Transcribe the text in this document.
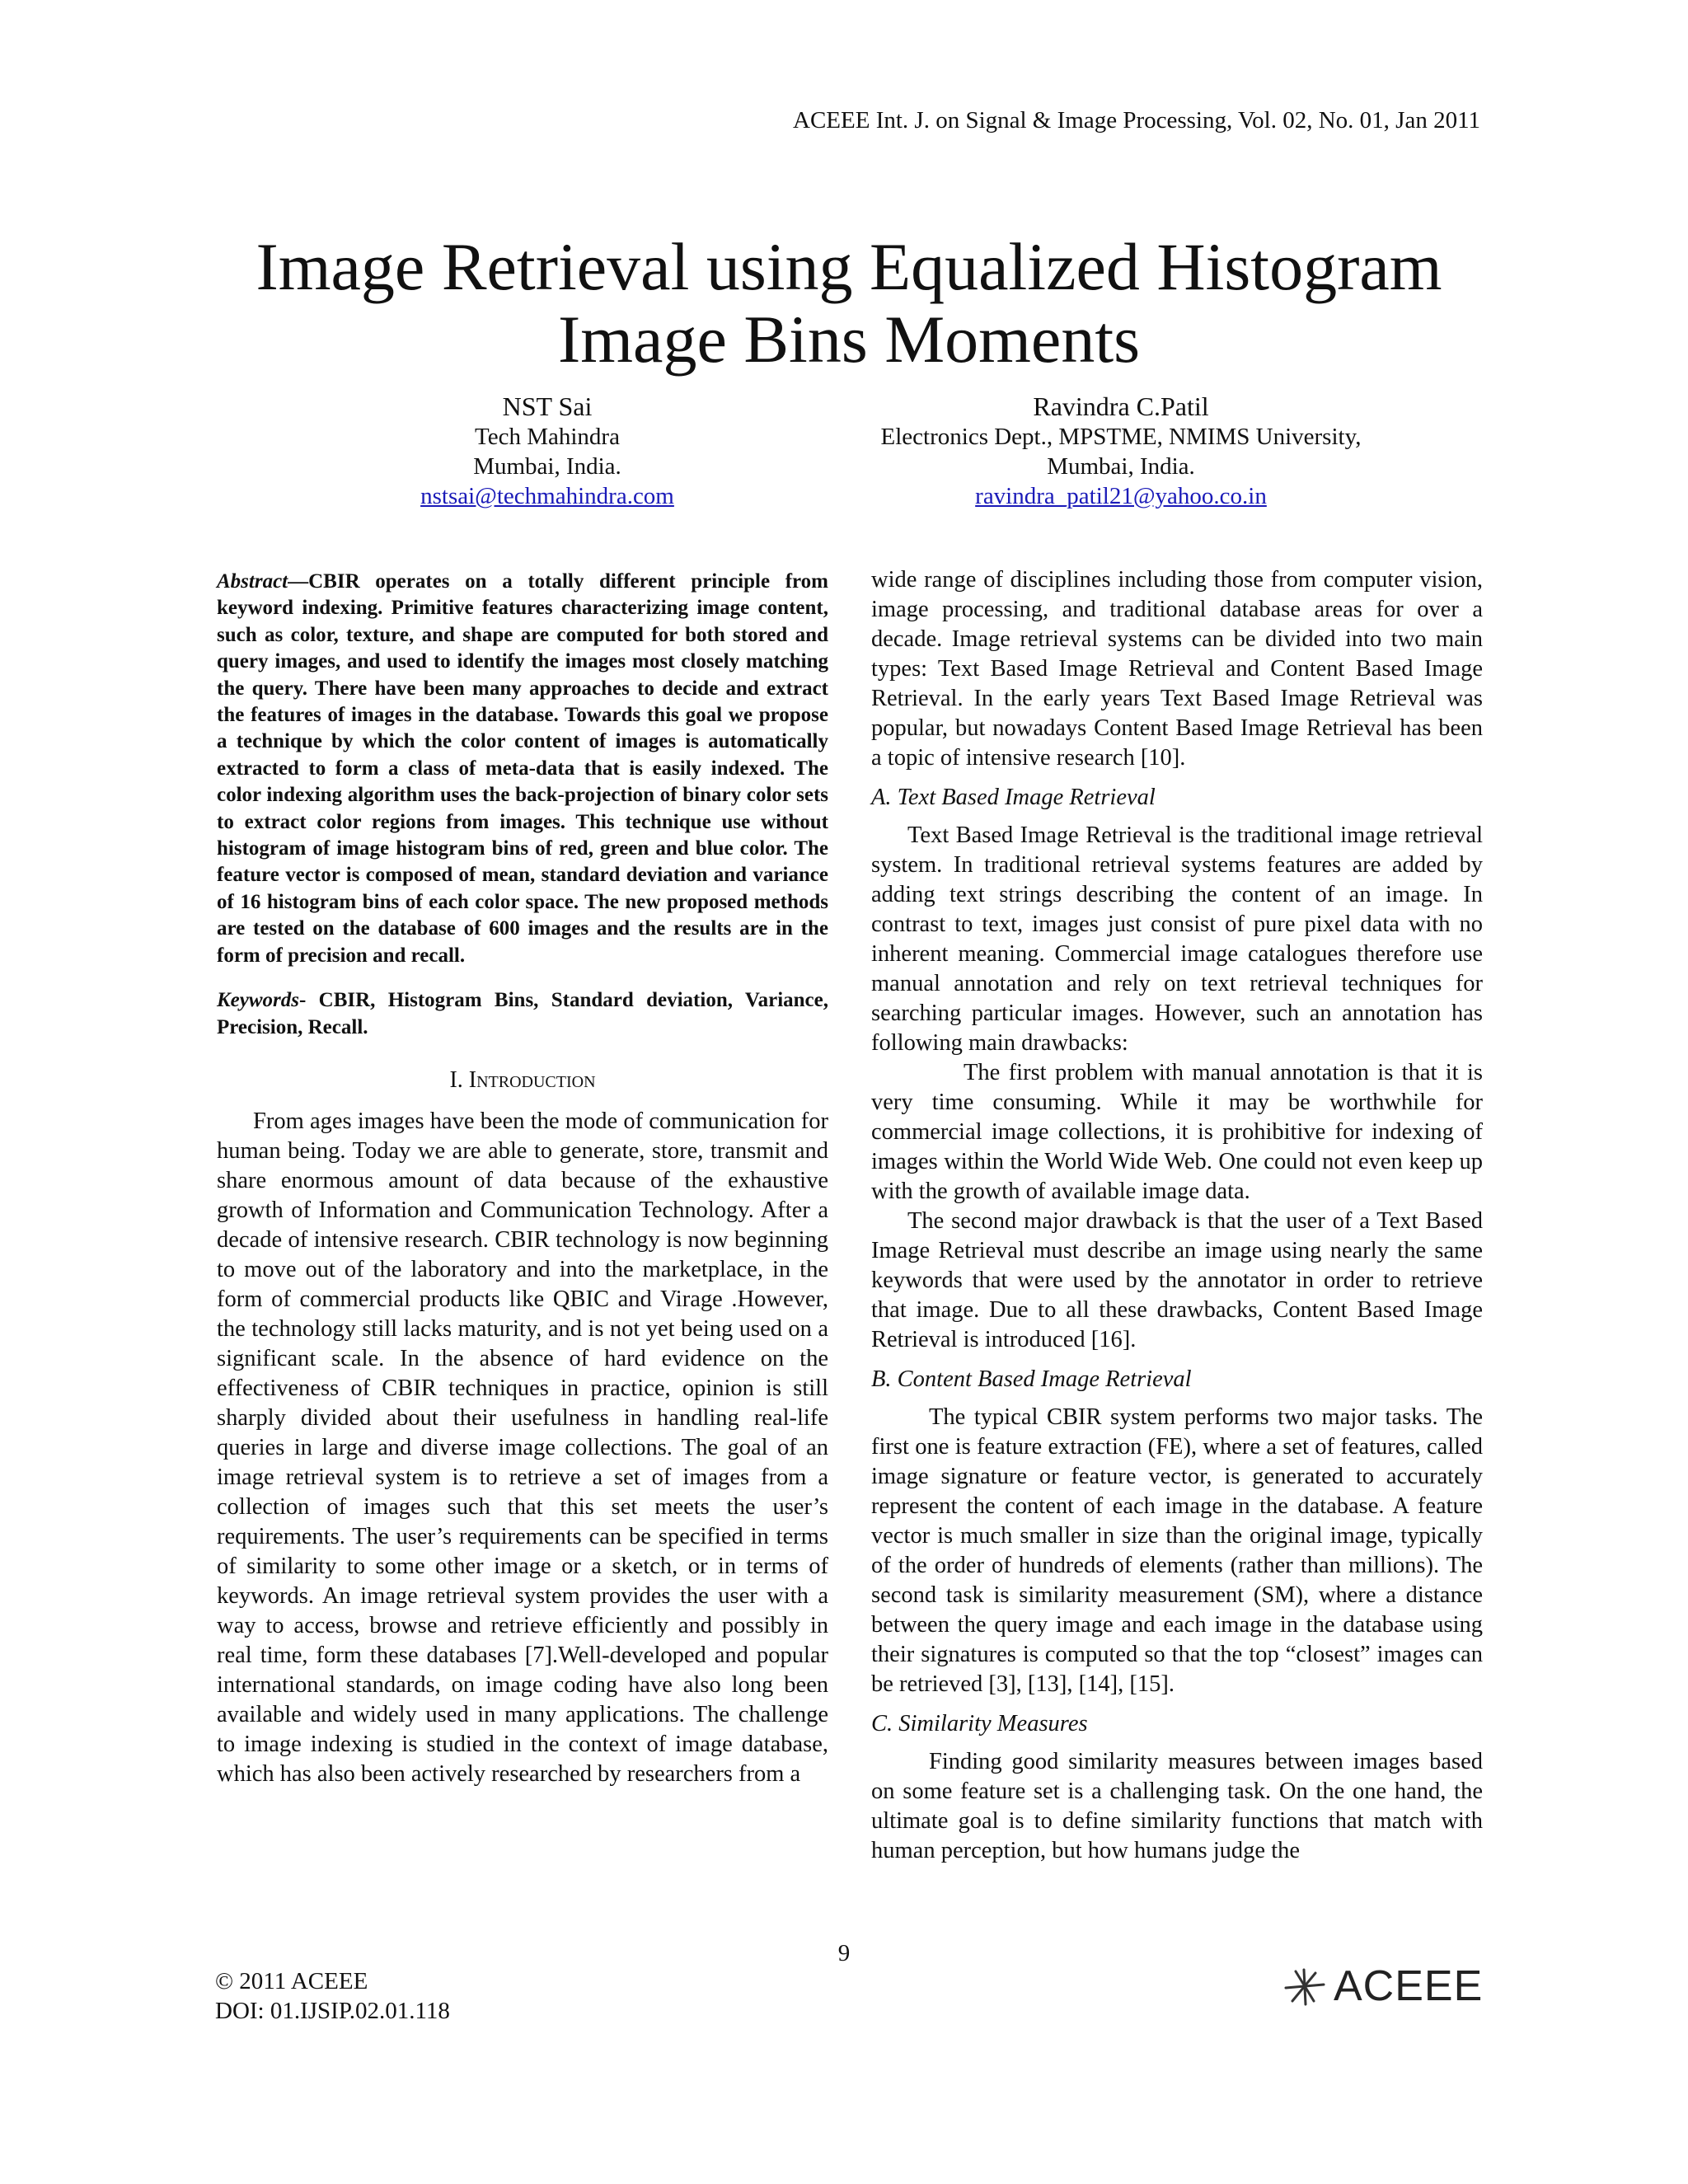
ACEEE Int. J. on Signal & Image Processing, Vol. 02, No. 01, Jan 2011
Image Retrieval using Equalized Histogram Image Bins Moments
NST Sai
Tech Mahindra
Mumbai, India.
nstsai@techmahindra.com
Ravindra C.Patil
Electronics Dept., MPSTME, NMIMS University,
Mumbai, India.
ravindra_patil21@yahoo.co.in

Abstract—CBIR operates on a totally different principle from keyword indexing. Primitive features characterizing image content, such as color, texture, and shape are computed for both stored and query images, and used to identify the images most closely matching the query. There have been many approaches to decide and extract the features of images in the database. Towards this goal we propose a technique by which the color content of images is automatically extracted to form a class of meta-data that is easily indexed. The color indexing algorithm uses the back-projection of binary color sets to extract color regions from images. This technique use without histogram of image histogram bins of red, green and blue color. The feature vector is composed of mean, standard deviation and variance of 16 histogram bins of each color space. The new proposed methods are tested on the database of 600 images and the results are in the form of precision and recall.

Keywords- CBIR, Histogram Bins, Standard deviation, Variance, Precision, Recall.

I. Introduction

From ages images have been the mode of communication for human being. Today we are able to generate, store, transmit and share enormous amount of data because of the exhaustive growth of Information and Communication Technology. After a decade of intensive research. CBIR technology is now beginning to move out of the laboratory and into the marketplace, in the form of commercial products like QBIC and Virage .However, the technology still lacks maturity, and is not yet being used on a significant scale. In the absence of hard evidence on the effectiveness of CBIR techniques in practice, opinion is still sharply divided about their usefulness in handling real-life queries in large and diverse image collections. The goal of an image retrieval system is to retrieve a set of images from a collection of images such that this set meets the user’s requirements. The user’s requirements can be specified in terms of similarity to some other image or a sketch, or in terms of keywords. An image retrieval system provides the user with a way to access, browse and retrieve efficiently and possibly in real time, form these databases [7].Well-developed and popular international standards, on image coding have also long been available and widely used in many applications. The challenge to image indexing is studied in the context of image database, which has also been actively researched by researchers from a

wide range of disciplines including those from computer vision, image processing, and traditional database areas for over a decade. Image retrieval systems can be divided into two main types: Text Based Image Retrieval and Content Based Image Retrieval. In the early years Text Based Image Retrieval was popular, but nowadays Content Based Image Retrieval has been a topic of intensive research [10].

A. Text Based Image Retrieval

Text Based Image Retrieval is the traditional image retrieval system. In traditional retrieval systems features are added by adding text strings describing the content of an image. In contrast to text, images just consist of pure pixel data with no inherent meaning. Commercial image catalogues therefore use manual annotation and rely on text retrieval techniques for searching particular images. However, such an annotation has following main drawbacks:

The first problem with manual annotation is that it is very time consuming. While it may be worthwhile for commercial image collections, it is prohibitive for indexing of images within the World Wide Web. One could not even keep up with the growth of available image data.

The second major drawback is that the user of a Text Based Image Retrieval must describe an image using nearly the same keywords that were used by the annotator in order to retrieve that image. Due to all these drawbacks, Content Based Image Retrieval is introduced [16].

B. Content Based Image Retrieval

The typical CBIR system performs two major tasks. The first one is feature extraction (FE), where a set of features, called image signature or feature vector, is generated to accurately represent the content of each image in the database. A feature vector is much smaller in size than the original image, typically of the order of hundreds of elements (rather than millions). The second task is similarity measurement (SM), where a distance between the query image and each image in the database using their signatures is computed so that the top “closest” images can be retrieved [3], [13], [14], [15].

C. Similarity Measures

Finding good similarity measures between images based on some feature set is a challenging task. On the one hand, the ultimate goal is to define similarity functions that match with human perception, but how humans judge the

9
© 2011 ACEEE
DOI: 01.IJSIP.02.01.118
ACEEE
